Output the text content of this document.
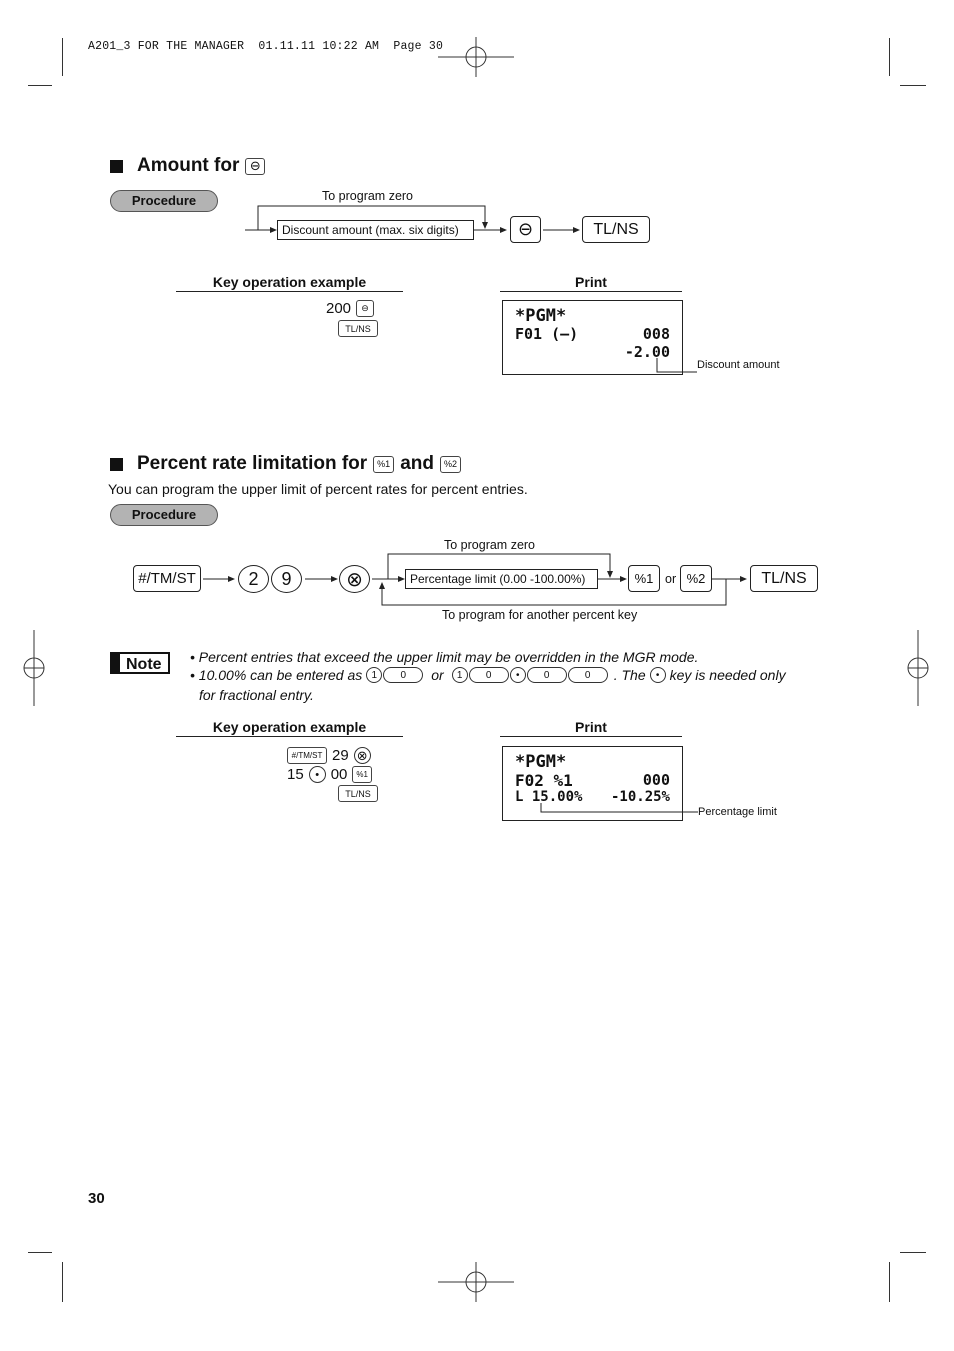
A201_3 FOR THE MANAGER  01.11.11 10:22 AM  Page 30
Amount for ⊖
Procedure	To program zero
Discount amount (max. six digits)	⊖	TL/NS
Key operation example	Print
200	⊖
TL/NS
*PGM*
F01 (—)	008
-2.00
Discount amount
Percent rate limitation for	%1 and	%2
You can program the upper limit of percent rates for percent entries.
Procedure
#/TM/ST	2	9	⊗
To program zero
Percentage limit (0.00 -100.00%)	%1 or %2	TL/NS
To program for another percent key
Note	• Percent entries that exceed the upper limit may be overridden in the MGR mode.
• 10.00% can be entered as 1	0	or	1	0	•	0	0	. The	• key is needed only
for fractional entry.
Key operation example	Print
#/TM/ST 29 ⊗
15	• 00	%1
TL/NS
*PGM*
F02 %1	000
L 15.00% -10.25%
Percentage limit
30
